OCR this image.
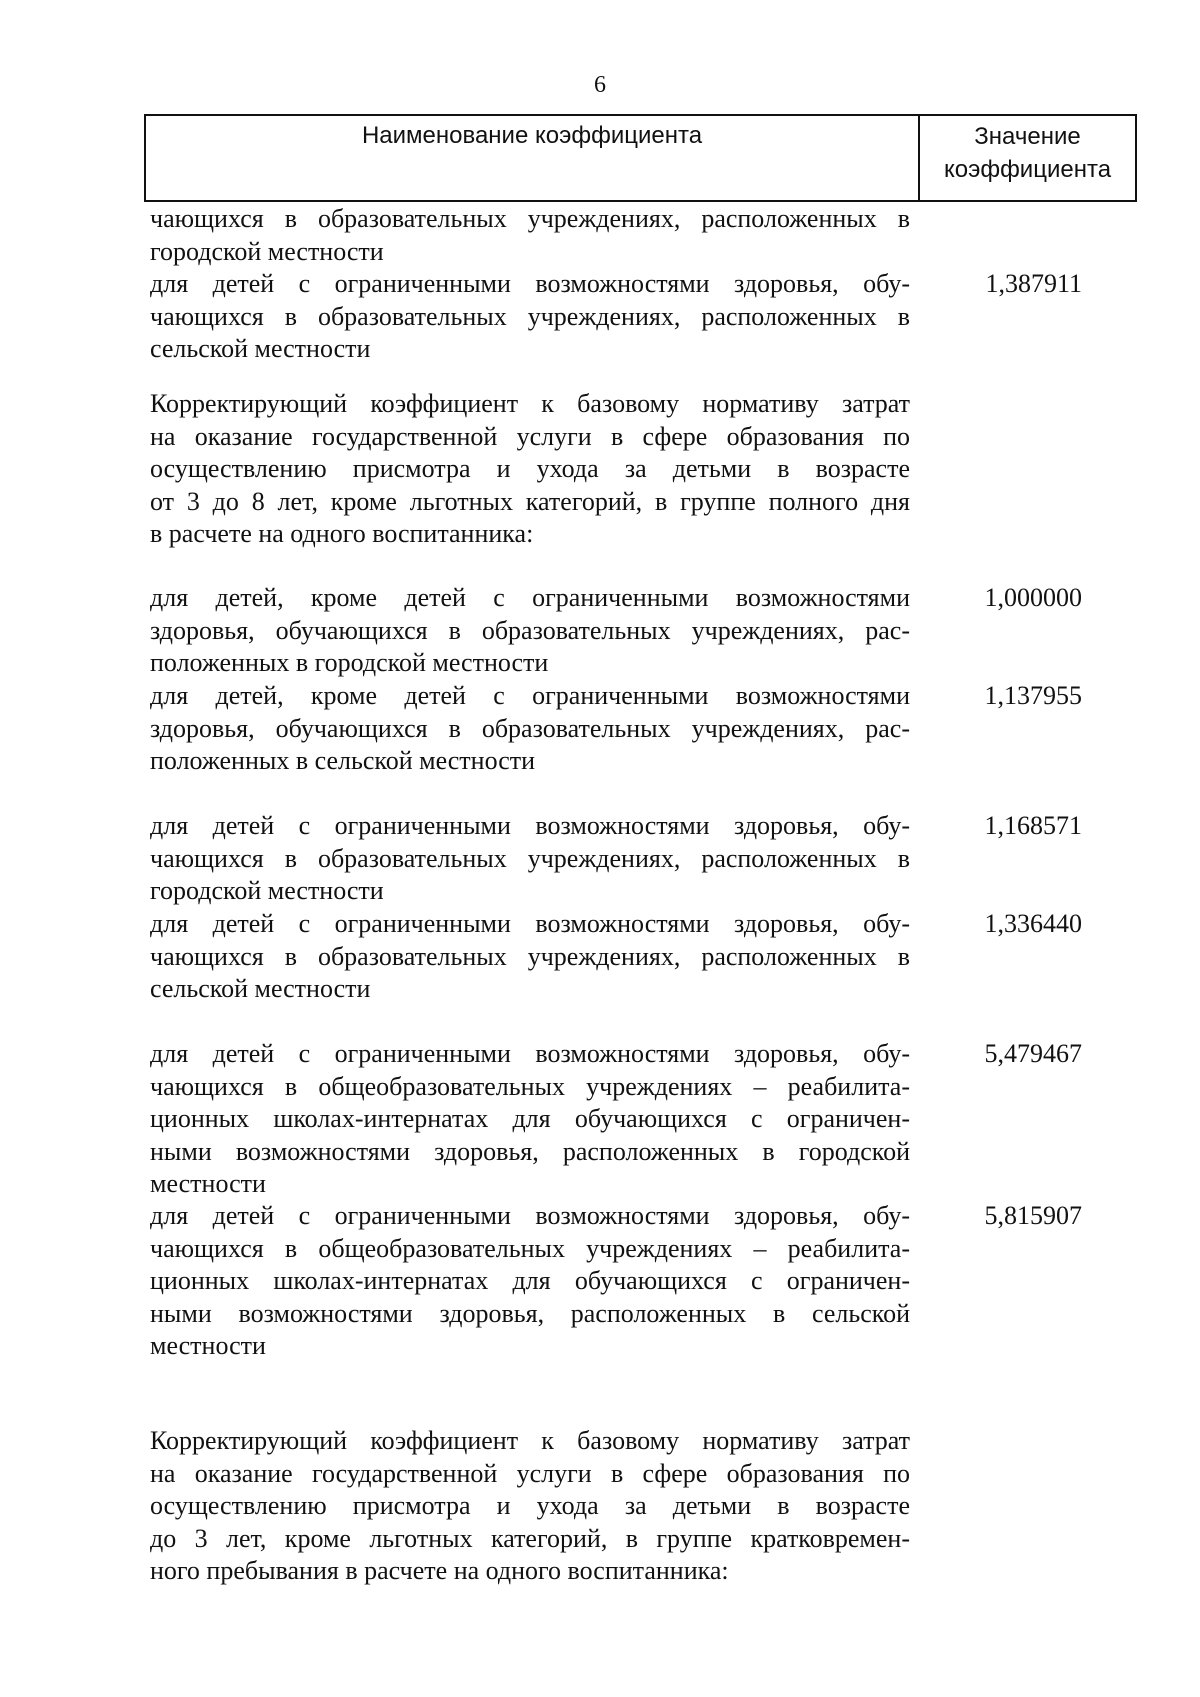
6
Наименование коэффициента	Значение
коэффициента
чающихся в образовательных учреждениях, расположенных в
городской местности
для детей с ограниченными возможностями здоровья, обу-
чающихся в образовательных учреждениях, расположенных в
сельской местности
1,387911
Корректирующий коэффициент к базовому нормативу затрат
на оказание государственной услуги в сфере образования по
осуществлению присмотра и ухода за детьми в возрасте
от 3 до 8 лет, кроме льготных категорий, в группе полного дня
в расчете на одного воспитанника:
для детей, кроме детей с ограниченными возможностями
здоровья, обучающихся в образовательных учреждениях, рас-
положенных в городской местности
1,000000
для детей, кроме детей с ограниченными возможностями
здоровья, обучающихся в образовательных учреждениях, рас-
положенных в сельской местности
1,137955
для детей с ограниченными возможностями здоровья, обу-
чающихся в образовательных учреждениях, расположенных в
городской местности
1,168571
для детей с ограниченными возможностями здоровья, обу-
чающихся в образовательных учреждениях, расположенных в
сельской местности
1,336440
для детей с ограниченными возможностями здоровья, обу-
чающихся в общеобразовательных учреждениях – реабилита-
ционных школах-интернатах для обучающихся с ограничен-
ными возможностями здоровья, расположенных в городской
местности
5,479467
для детей с ограниченными возможностями здоровья, обу-
чающихся в общеобразовательных учреждениях – реабилита-
ционных школах-интернатах для обучающихся с ограничен-
ными возможностями здоровья, расположенных в сельской
местности
5,815907
Корректирующий коэффициент к базовому нормативу затрат
на оказание государственной услуги в сфере образования по
осуществлению присмотра и ухода за детьми в возрасте
до 3 лет, кроме льготных категорий, в группе кратковремен-
ного пребывания в расчете на одного воспитанника:
